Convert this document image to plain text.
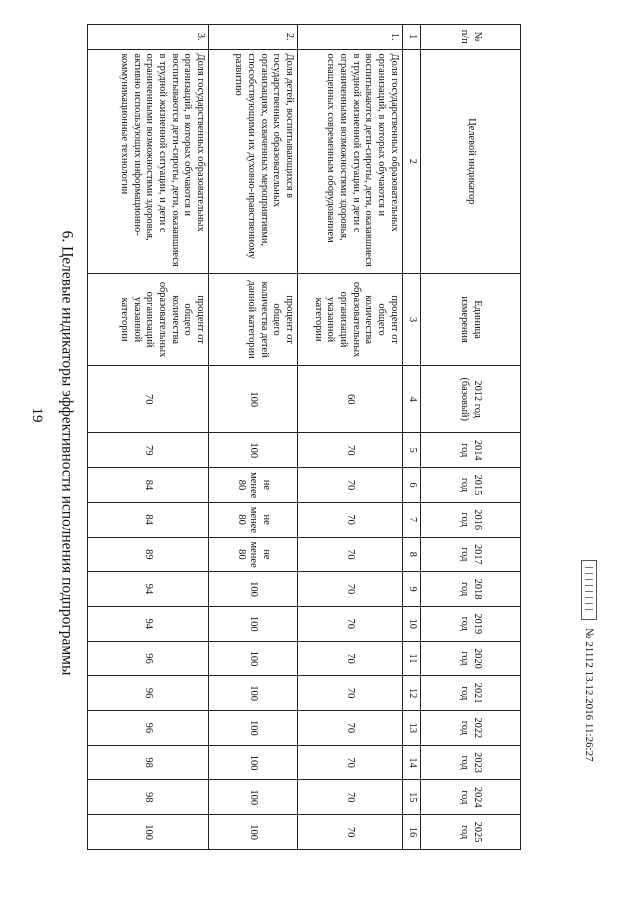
19 6. Целевые индикаторы эффективности исполнения подпрограммы
№ п/п	Целевой индикатор	Единица измерения	2012 год (базовый)	2014 год	2015 год	2016 год	2017 год	2018 год	2019 год	2020 год	2021 год	2022 год	2023 год	2024 год	2025 год
1	2	3	4	5	6	7	8	9	10	11	12	13	14	15	16
1.	Доля государственных образовательных организаций, в которых обучаются и воспитываются дети-сироты, дети, оказавшиеся в трудной жизненной ситуации, и дети с ограниченными возможностями здоровья, оснащенных современным оборудованием	процент от общего количества образовательных организаций указанной категории	60	70	70	70	70	70	70	70	70	70	70	70	70
2.	Доля детей, воспитывающихся в государственных образовательных организациях, охваченных мероприятиями, способствующими их духовно-нравственному развитию	процент от общего количества детей данной категории	100	100	не менее 80	не менее 80	не менее 80	100	100	100	100	100	100	100	100
3.	Доля государственных образовательных организаций, в которых обучаются и воспитываются дети-сироты, дети, оказавшиеся в трудной жизненной ситуации, и дети с ограниченными возможностями здоровья, активно использующих информационно-коммуникационные технологии	процент от общего количества образовательных организаций указанной категории	70	79	84	84	89	94	94	96	96	96	98	98	100
№ 21112 13.12.2016 11:26:27
